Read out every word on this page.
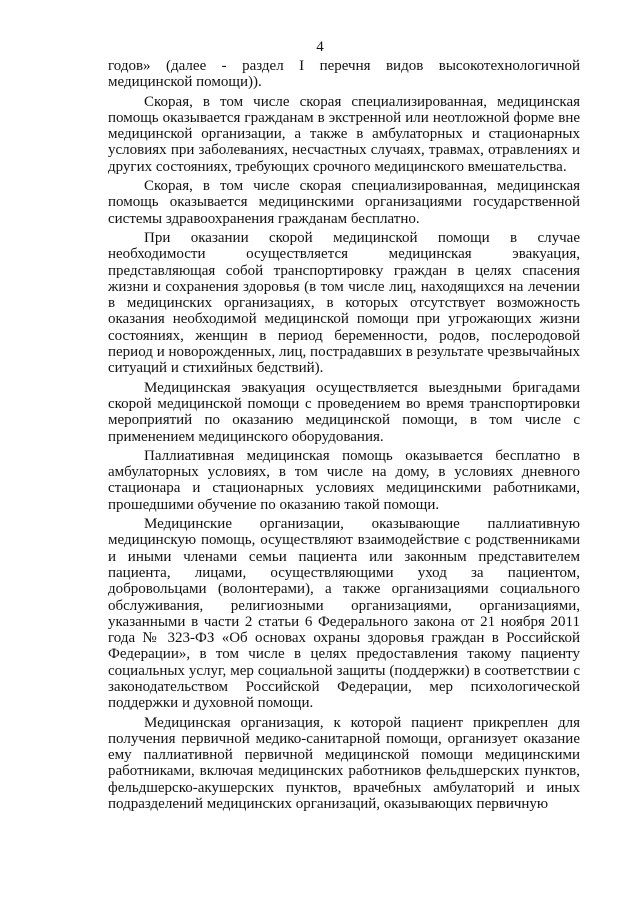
4

годов» (далее - раздел I перечня видов высокотехнологичной медицинской помощи)).

Скорая, в том числе скорая специализированная, медицинская помощь оказывается гражданам в экстренной или неотложной форме вне медицинской организации, а также в амбулаторных и стационарных условиях при заболеваниях, несчастных случаях, травмах, отравлениях и других состояниях, требующих срочного медицинского вмешательства.

Скорая, в том числе скорая специализированная, медицинская помощь оказывается медицинскими организациями государственной системы здравоохранения гражданам бесплатно.

При оказании скорой медицинской помощи в случае необходимости осуществляется медицинская эвакуация, представляющая собой транспортировку граждан в целях спасения жизни и сохранения здоровья (в том числе лиц, находящихся на лечении в медицинских организациях, в которых отсутствует возможность оказания необходимой медицинской помощи при угрожающих жизни состояниях, женщин в период беременности, родов, послеродовой период и новорожденных, лиц, пострадавших в результате чрезвычайных ситуаций и стихийных бедствий).

Медицинская эвакуация осуществляется выездными бригадами скорой медицинской помощи с проведением во время транспортировки мероприятий по оказанию медицинской помощи, в том числе с применением медицинского оборудования.

Паллиативная медицинская помощь оказывается бесплатно в амбулаторных условиях, в том числе на дому, в условиях дневного стационара и стационарных условиях медицинскими работниками, прошедшими обучение по оказанию такой помощи.

Медицинские организации, оказывающие паллиативную медицинскую помощь, осуществляют взаимодействие с родственниками и иными членами семьи пациента или законным представителем пациента, лицами, осуществляющими уход за пациентом, добровольцами (волонтерами), а также организациями социального обслуживания, религиозными организациями, организациями, указанными в части 2 статьи 6 Федерального закона от 21 ноября 2011 года № 323-ФЗ «Об основах охраны здоровья граждан в Российской Федерации», в том числе в целях предоставления такому пациенту социальных услуг, мер социальной защиты (поддержки) в соответствии с законодательством Российской Федерации, мер психологической поддержки и духовной помощи.

Медицинская организация, к которой пациент прикреплен для получения первичной медико-санитарной помощи, организует оказание ему паллиативной первичной медицинской помощи медицинскими работниками, включая медицинских работников фельдшерских пунктов, фельдшерско-акушерских пунктов, врачебных амбулаторий и иных подразделений медицинских организаций, оказывающих первичную
